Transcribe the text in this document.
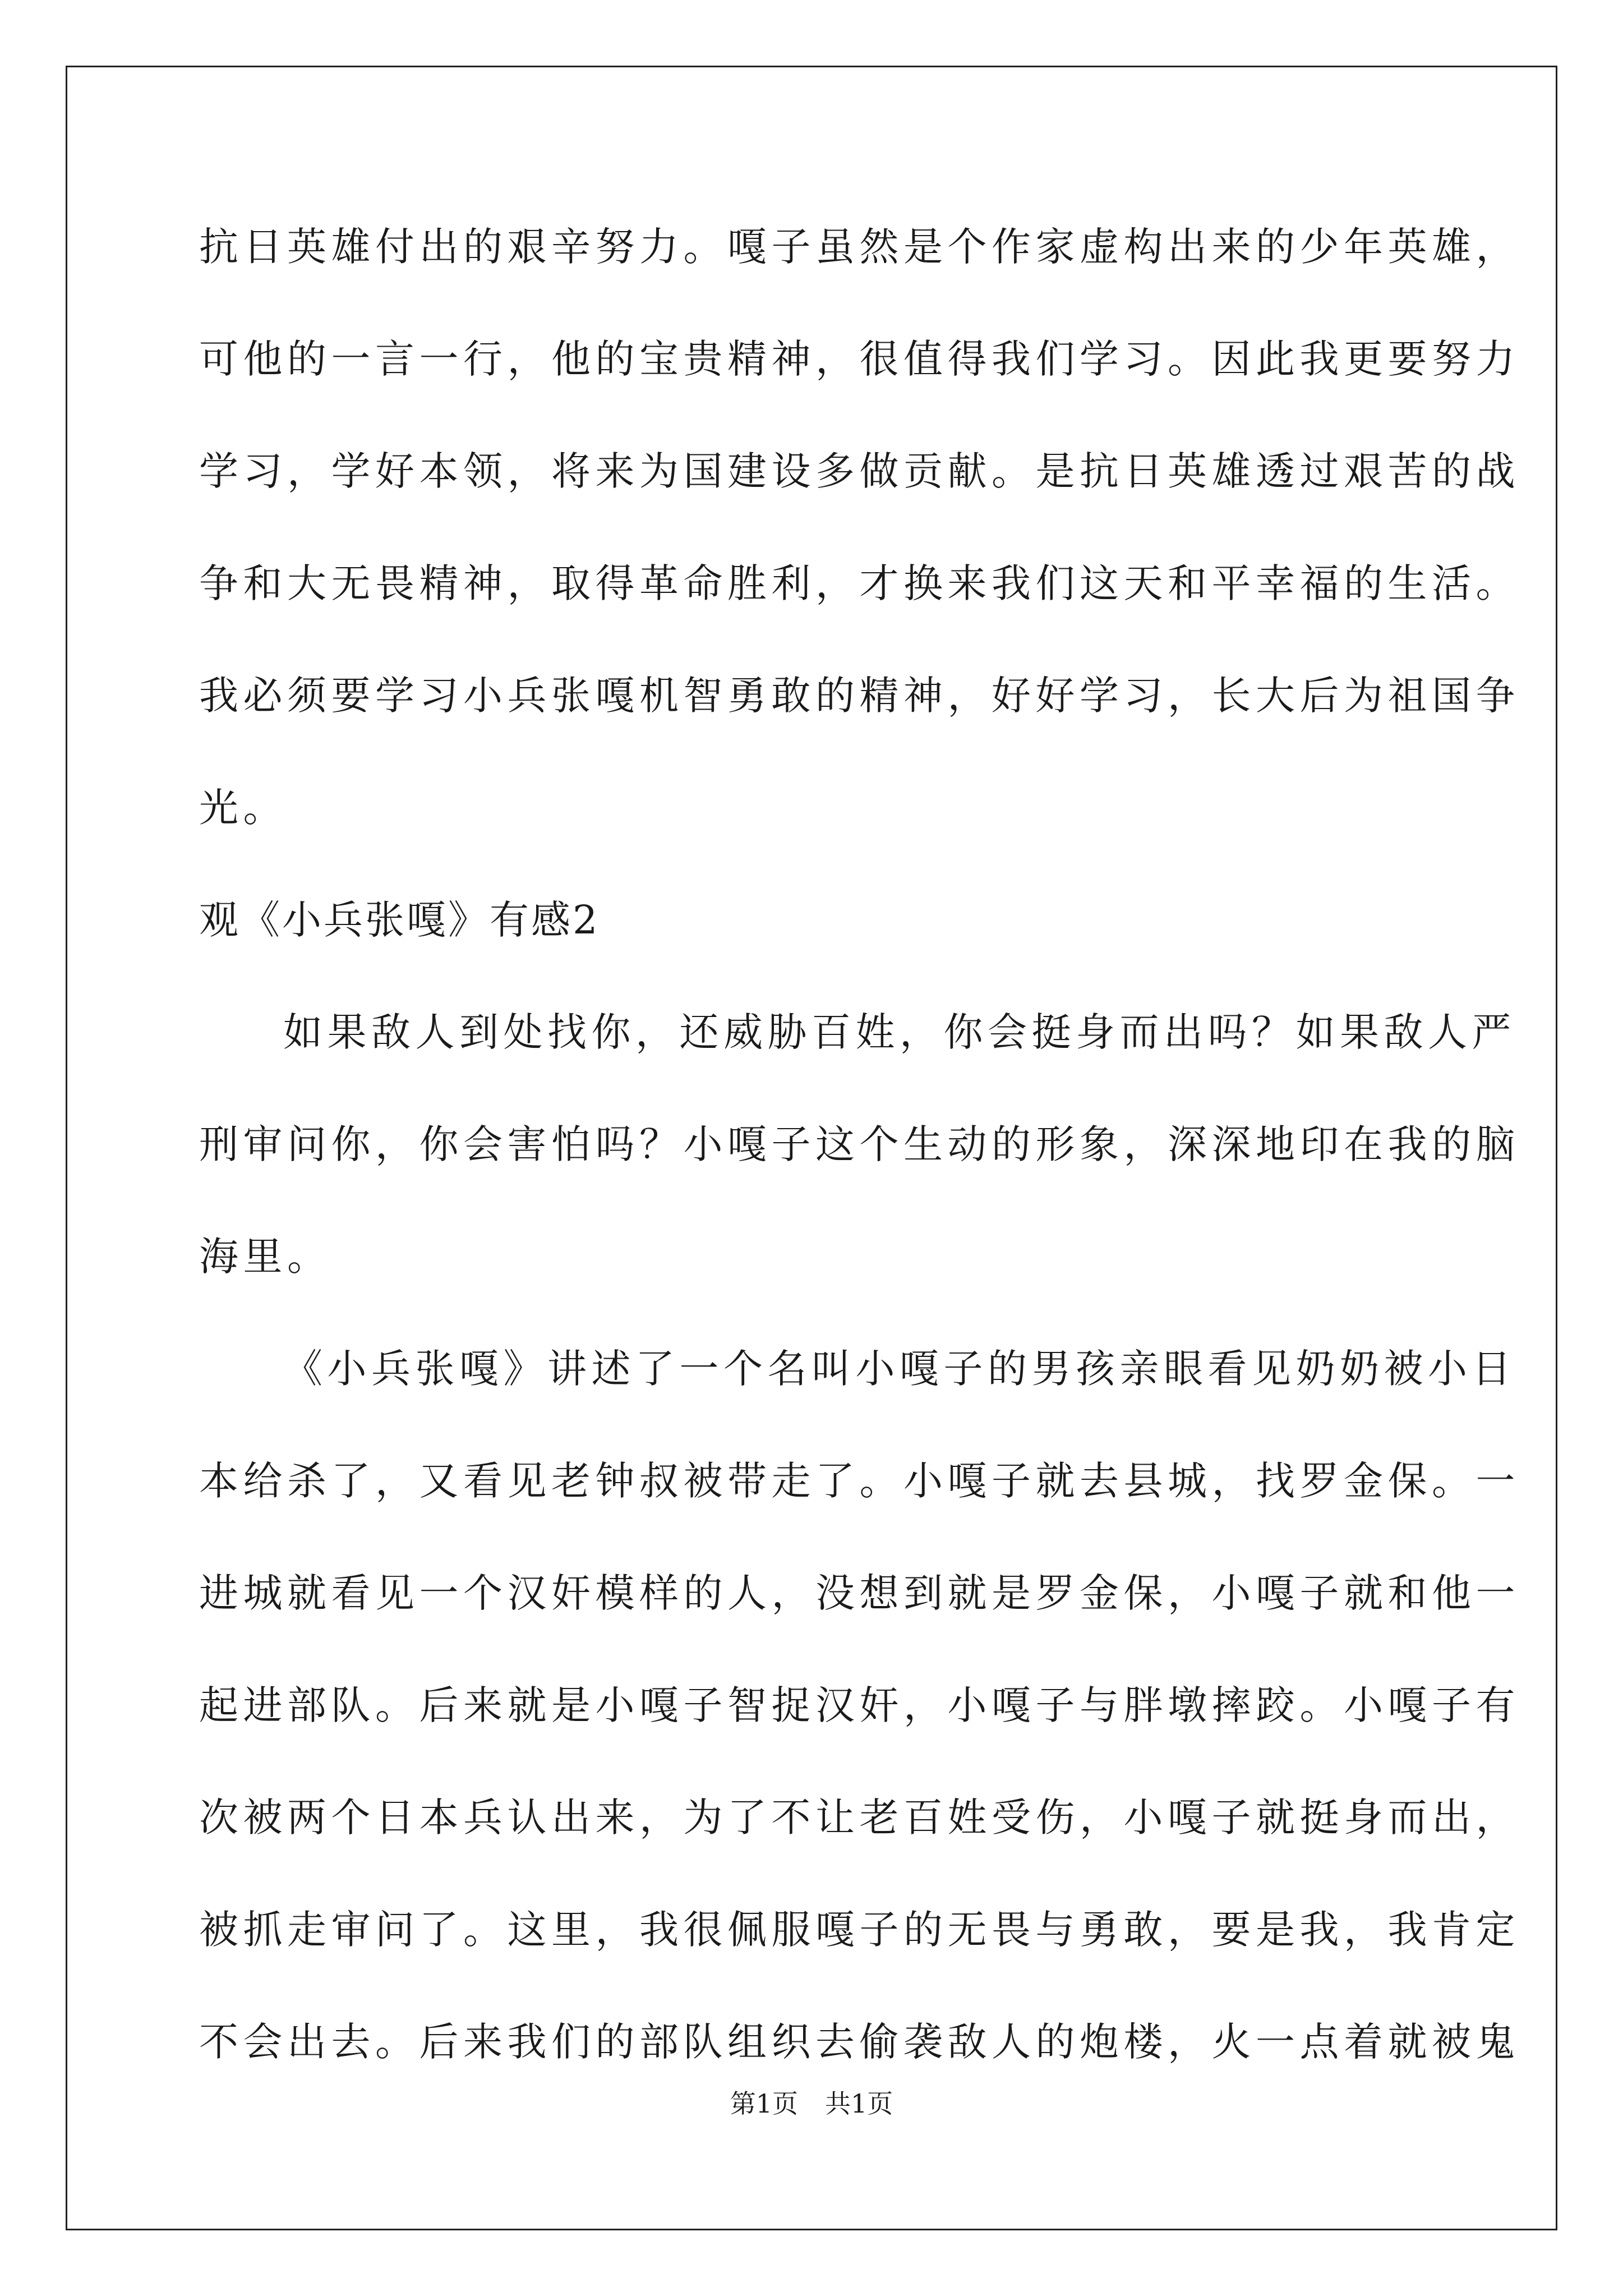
抗日英雄付出的艰辛努力。嘎子虽然是个作家虚构出来的少年英雄，
可他的一言一行，他的宝贵精神，很值得我们学习。因此我更要努力
学习，学好本领，将来为国建设多做贡献。是抗日英雄透过艰苦的战
争和大无畏精神，取得革命胜利，才换来我们这天和平幸福的生活。
我必须要学习小兵张嘎机智勇敢的精神，好好学习，长大后为祖国争
光。
观《小兵张嘎》有感2
如果敌人到处找你，还威胁百姓，你会挺身而出吗？如果敌人严
刑审问你，你会害怕吗？小嘎子这个生动的形象，深深地印在我的脑
海里。
《小兵张嘎》讲述了一个名叫小嘎子的男孩亲眼看见奶奶被小日
本给杀了，又看见老钟叔被带走了。小嘎子就去县城，找罗金保。一
进城就看见一个汉奸模样的人，没想到就是罗金保，小嘎子就和他一
起进部队。后来就是小嘎子智捉汉奸，小嘎子与胖墩摔跤。小嘎子有
次被两个日本兵认出来，为了不让老百姓受伤，小嘎子就挺身而出，
被抓走审问了。这里，我很佩服嘎子的无畏与勇敢，要是我，我肯定
不会出去。后来我们的部队组织去偷袭敌人的炮楼，火一点着就被鬼
第1页 共1页
